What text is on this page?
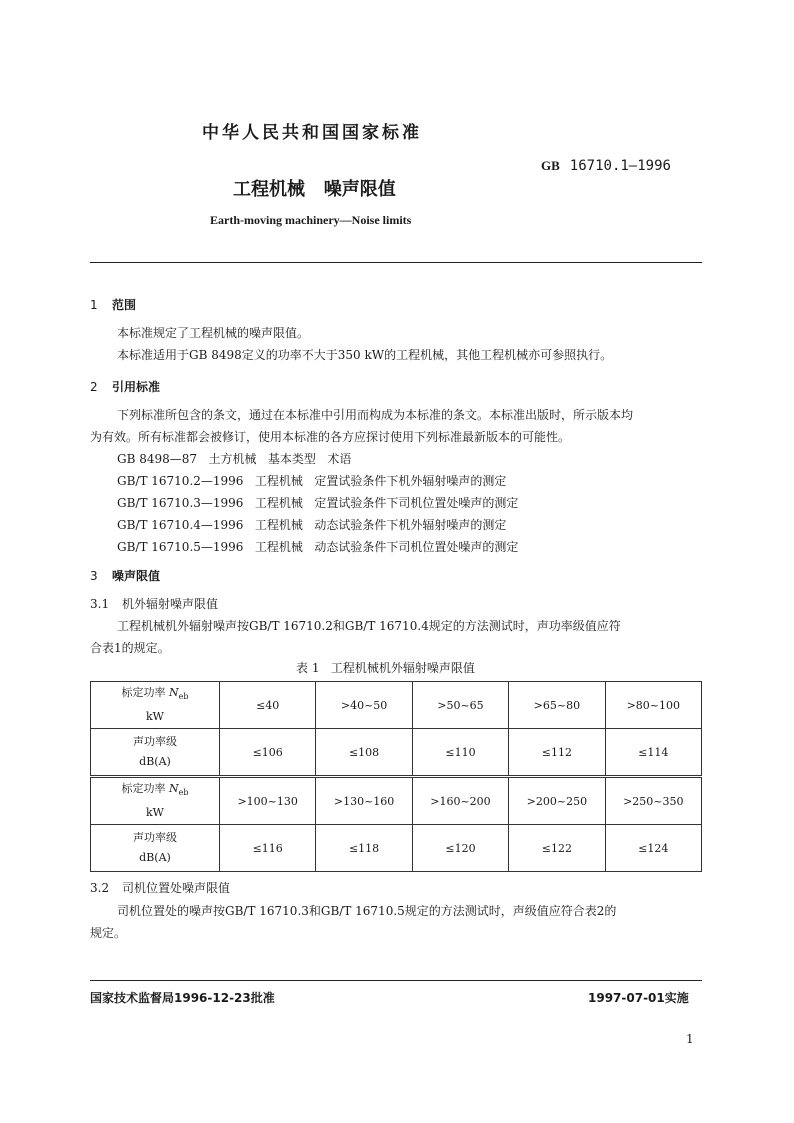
中华人民共和国国家标准
GB 16710.1—1996
工程机械   噪声限值
Earth-moving machinery—Noise limits
1 范围
本标准规定了工程机械的噪声限值。
本标准适用于GB 8498定义的功率不大于350 kW的工程机械，其他工程机械亦可参照执行。
2 引用标准
下列标准所包含的条文，通过在本标准中引用而构成为本标准的条文。本标准出版时，所示版本均
为有效。所有标准都会被修订，使用本标准的各方应探讨使用下列标准最新版本的可能性。
GB 8498—87   土方机械   基本类型   术语
GB/T 16710.2—1996   工程机械   定置试验条件下机外辐射噪声的测定
GB/T 16710.3—1996   工程机械   定置试验条件下司机位置处噪声的测定
GB/T 16710.4—1996   工程机械   动态试验条件下机外辐射噪声的测定
GB/T 16710.5—1996   工程机械   动态试验条件下司机位置处噪声的测定
3 噪声限值
3.1 机外辐射噪声限值
工程机械机外辐射噪声按GB/T 16710.2和GB/T 16710.4规定的方法测试时，声功率级值应符
合表1的规定。
表 1   工程机械机外辐射噪声限值
标定功率 $N_{eb}$
kW	≤40	>40~50	>50~65	>65~80	>80~100
声功率级
dB(A)	≤106	≤108	≤110	≤112	≤114
标定功率 $N_{eb}$
kW	>100~130	>130~160	>160~200	>200~250	>250~350
声功率级
dB(A)	≤116	≤118	≤120	≤122	≤124
3.2 司机位置处噪声限值
司机位置处的噪声按GB/T 16710.3和GB/T 16710.5规定的方法测试时，声级值应符合表2的
规定。
国家技术监督局1996-12-23批准	1997-07-01实施
1
